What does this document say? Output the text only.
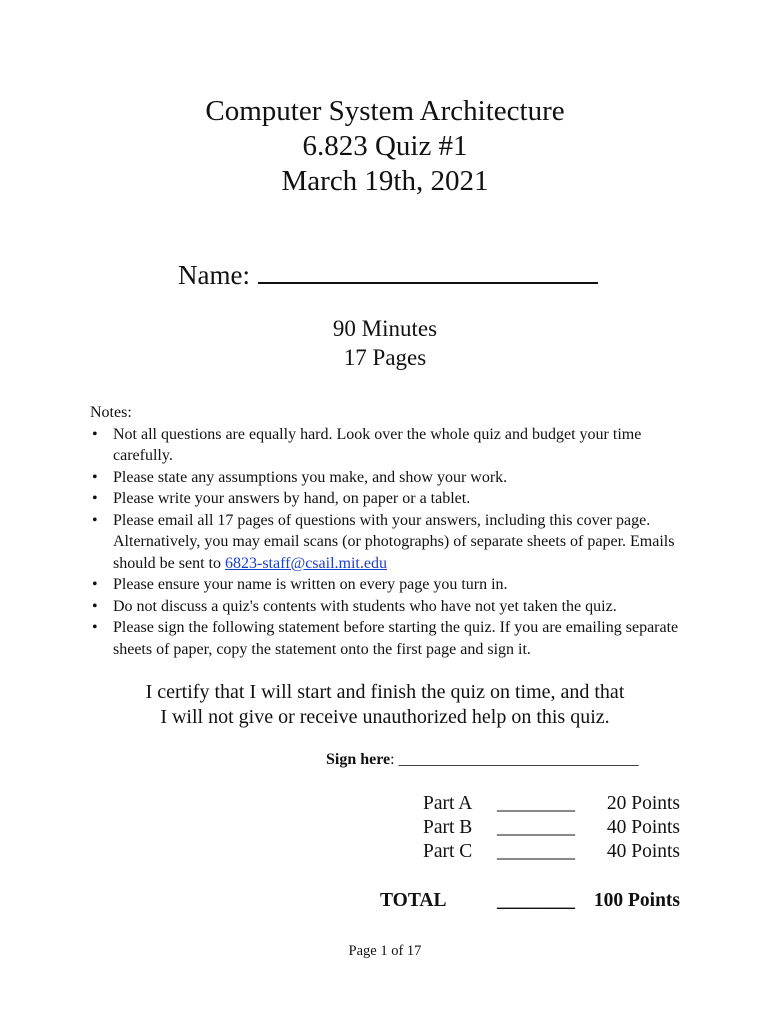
Computer System Architecture
6.823 Quiz #1
March 19th, 2021
Name:
90 Minutes
17 Pages
Notes:
• Not all questions are equally hard. Look over the whole quiz and budget your time carefully.
• Please state any assumptions you make, and show your work.
• Please write your answers by hand, on paper or a tablet.
• Please email all 17 pages of questions with your answers, including this cover page. Alternatively, you may email scans (or photographs) of separate sheets of paper. Emails should be sent to 6823-staff@csail.mit.edu
• Please ensure your name is written on every page you turn in.
• Do not discuss a quiz's contents with students who have not yet taken the quiz.
• Please sign the following statement before starting the quiz. If you are emailing separate sheets of paper, copy the statement onto the first page and sign it.
I certify that I will start and finish the quiz on time, and that
I will not give or receive unauthorized help on this quiz.
Sign here: ______________________________
Part A ________ 20 Points
Part B ________ 40 Points
Part C ________ 40 Points
TOTAL	________ 100 Points
Page 1 of 17
